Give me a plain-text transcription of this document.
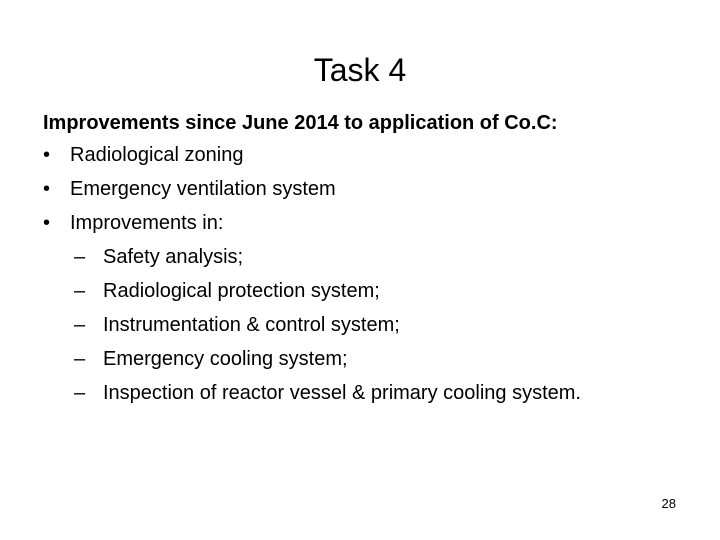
Task 4
Improvements since June 2014 to application of Co.C:
• Radiological zoning
• Emergency ventilation system
• Improvements in:
– Safety analysis;
– Radiological protection system;
– Instrumentation & control system;
– Emergency cooling system;
– Inspection of reactor vessel & primary cooling system.
28
